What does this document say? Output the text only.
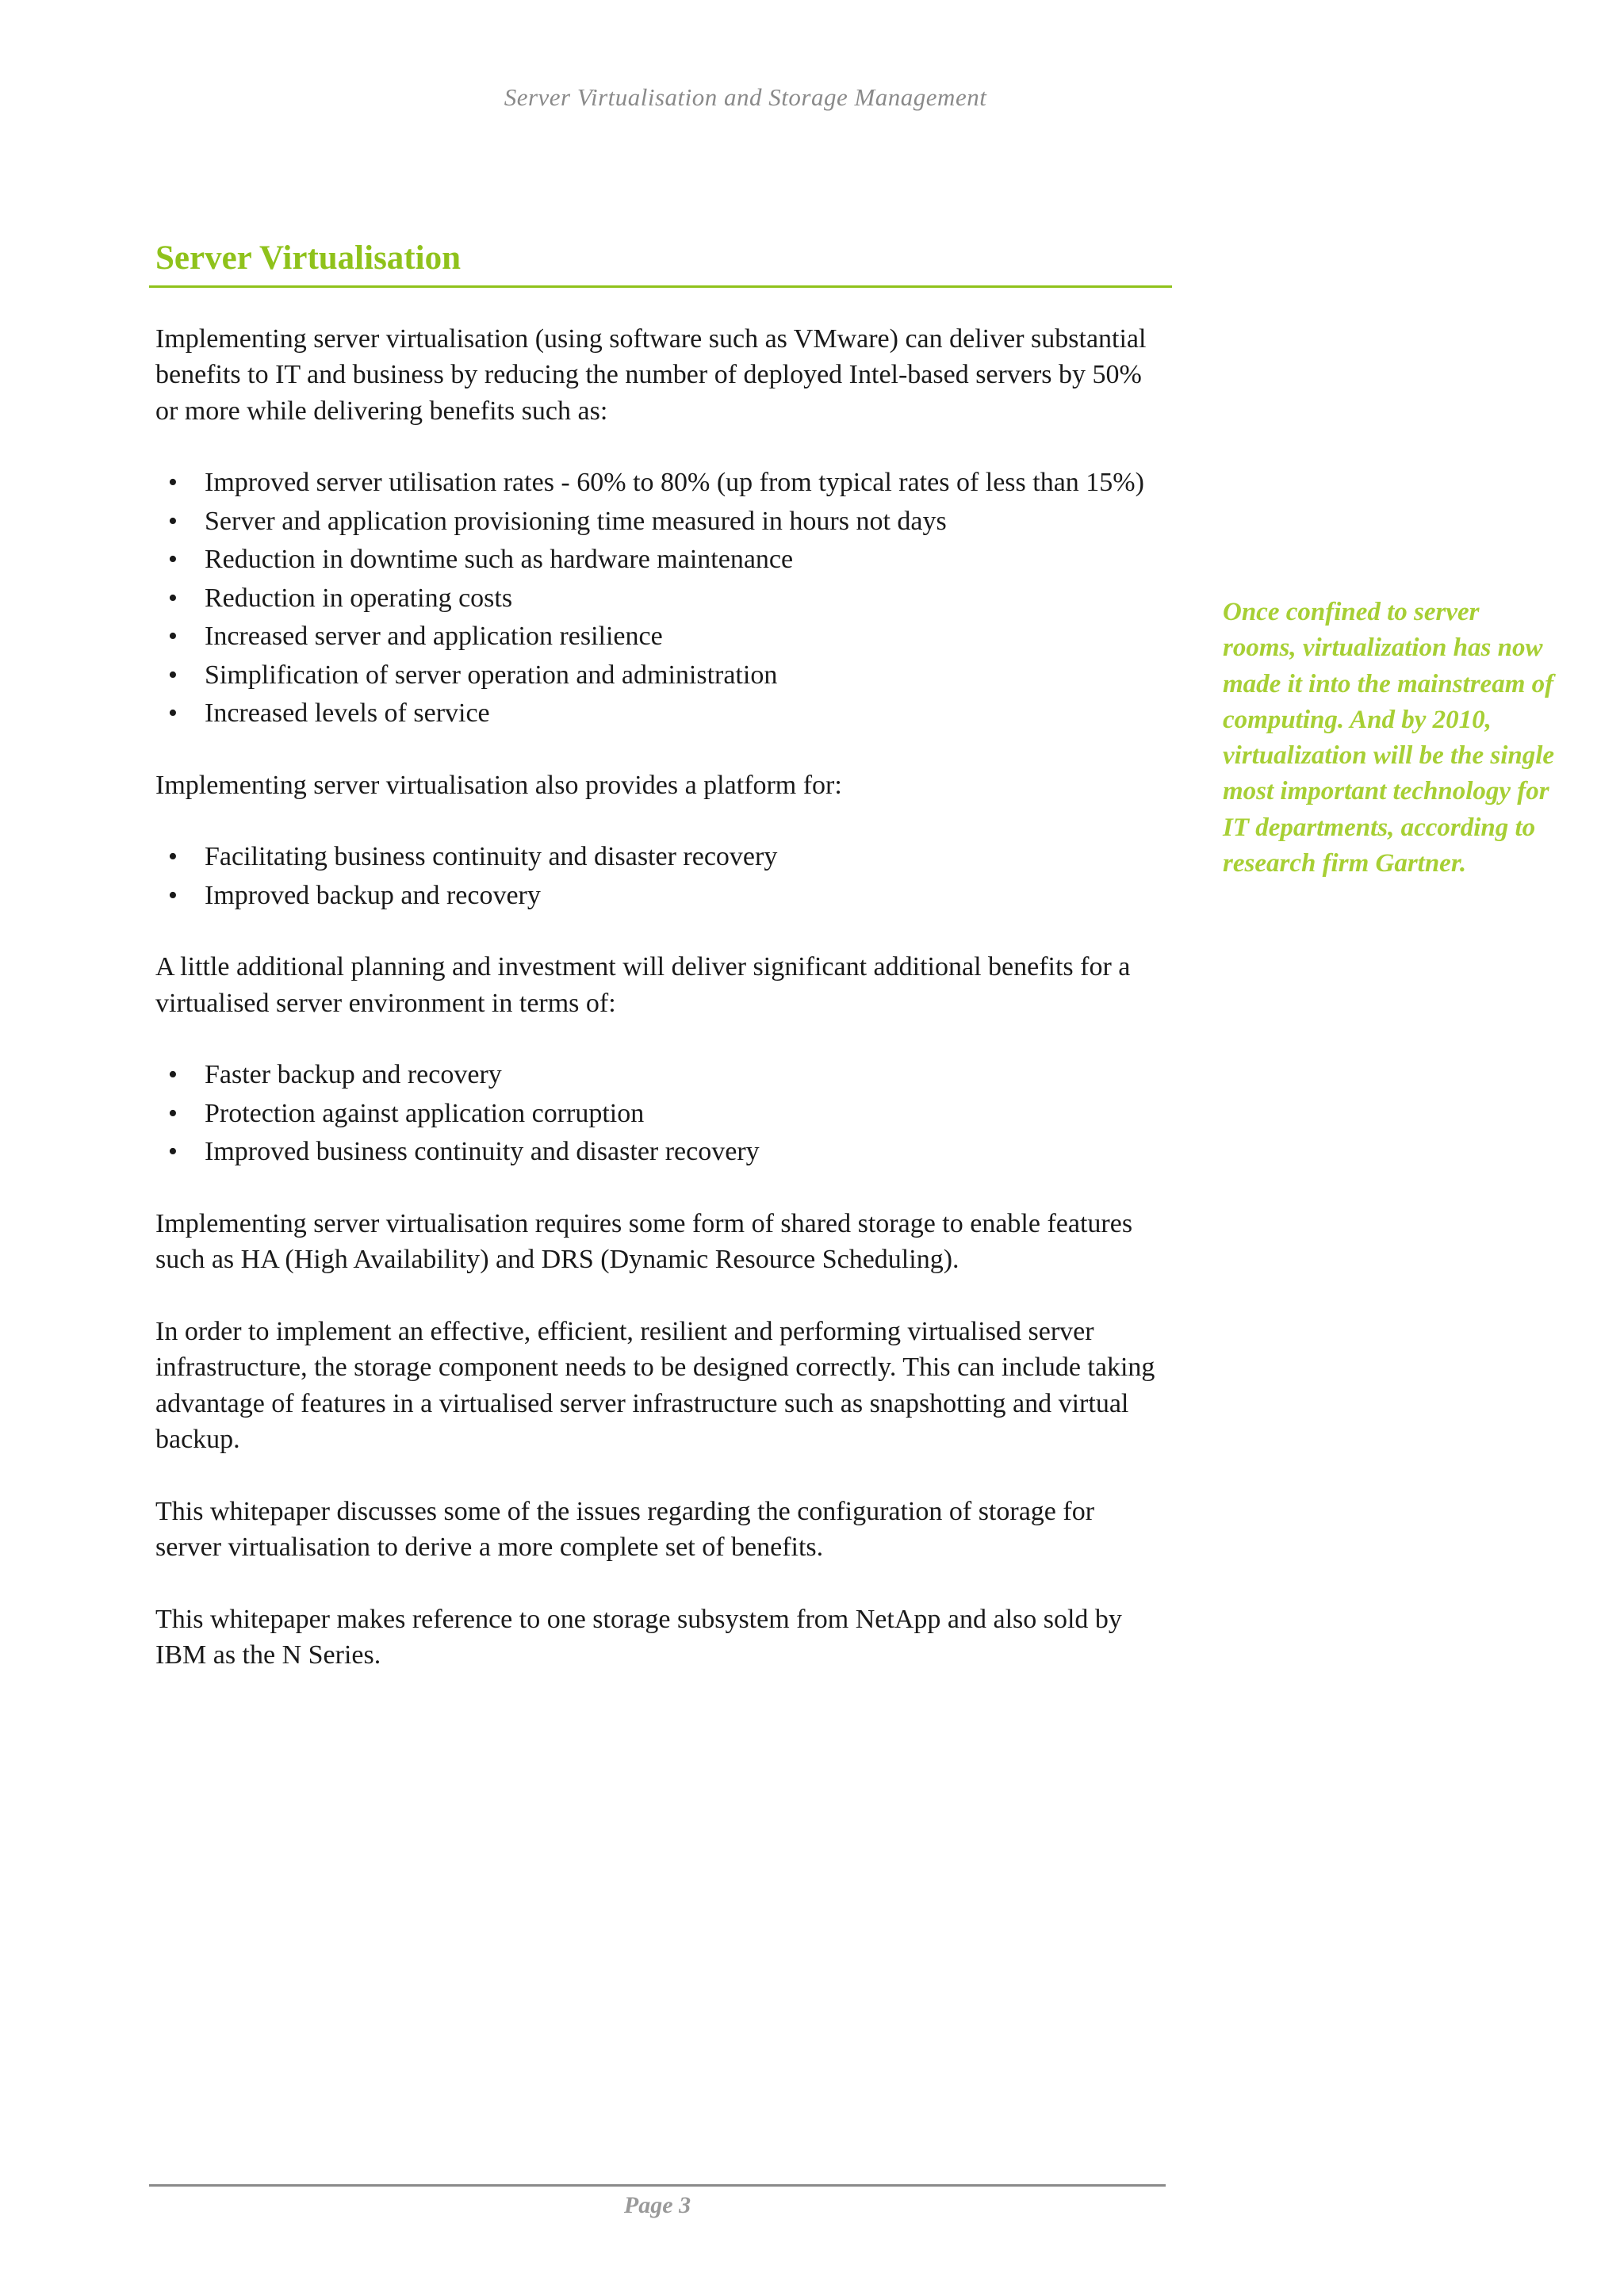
Server Virtualisation and Storage Management
Server Virtualisation

Implementing server virtualisation (using software such as VMware) can deliver substantial benefits to IT and business by reducing the number of deployed Intel-based servers by 50% or more while delivering benefits such as:

• Improved server utilisation rates - 60% to 80% (up from typical rates of less than 15%)
• Server and application provisioning time measured in hours not days
• Reduction in downtime such as hardware maintenance
• Reduction in operating costs
• Increased server and application resilience
• Simplification of server operation and administration
• Increased levels of service

Implementing server virtualisation also provides a platform for:

• Facilitating business continuity and disaster recovery
• Improved backup and recovery

A little additional planning and investment will deliver significant additional benefits for a virtualised server environment in terms of:

• Faster backup and recovery
• Protection against application corruption
• Improved business continuity and disaster recovery

Implementing server virtualisation requires some form of shared storage to enable features such as HA (High Availability) and DRS (Dynamic Resource Scheduling).

In order to implement an effective, efficient, resilient and performing virtualised server infrastructure, the storage component needs to be designed correctly. This can include taking advantage of features in a virtualised server infrastructure such as snapshotting and virtual backup.

This whitepaper discusses some of the issues regarding the configuration of storage for server virtualisation to derive a more complete set of benefits.

This whitepaper makes reference to one storage subsystem from NetApp and also sold by IBM as the N Series.

Once confined to server rooms, virtualization has now made it into the mainstream of computing. And by 2010, virtualization will be the single most important technology for IT departments, according to research firm Gartner.
Page 3
